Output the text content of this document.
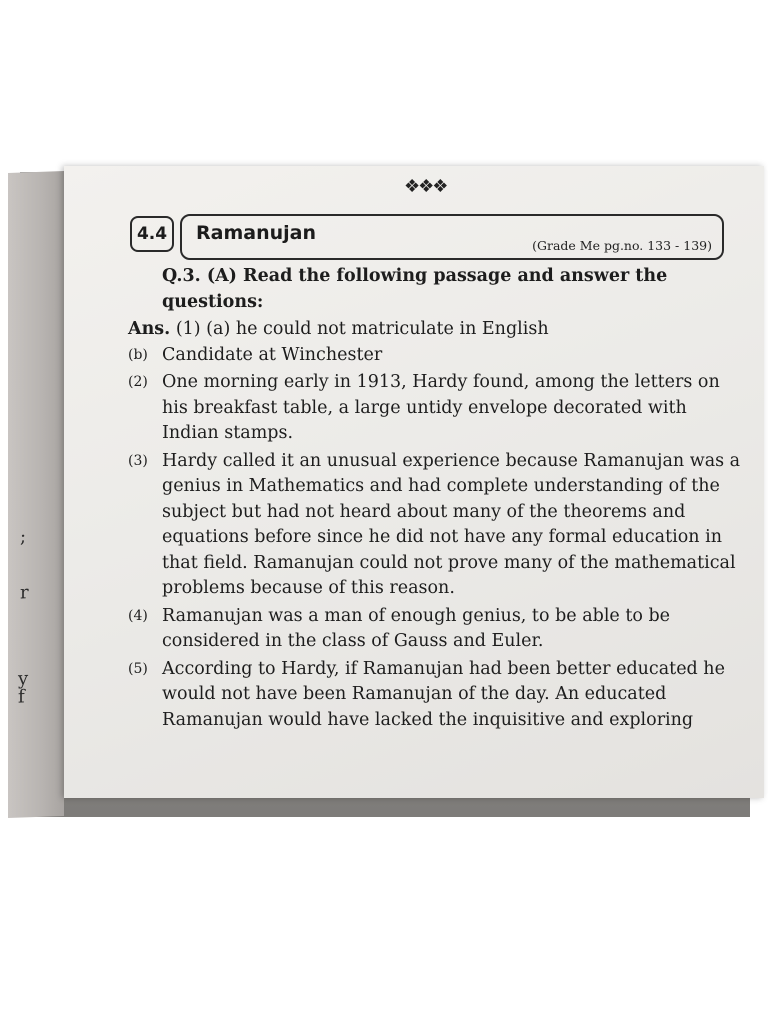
;
r
y
f
❖❖❖
4.4	Ramanujan
(Grade Me pg.no. 133 - 139)
Q.3. (A) Read the following passage and answer the questions:
Ans. (1) (a) he could not matriculate in English
(b) Candidate at Winchester
(2) One morning early in 1913, Hardy found, among the letters on his breakfast table, a large untidy envelope decorated with Indian stamps.
(3) Hardy called it an unusual experience because Ramanujan was a genius in Mathematics and had complete understanding of the subject but had not heard about many of the theorems and equations before since he did not have any formal education in that field. Ramanujan could not prove many of the mathematical problems because of this reason.
(4) Ramanujan was a man of enough genius, to be able to be considered in the class of Gauss and Euler.
(5) According to Hardy, if Ramanujan had been better educated he would not have been Ramanujan of the day. An educated Ramanujan would have lacked the inquisitive and exploring
